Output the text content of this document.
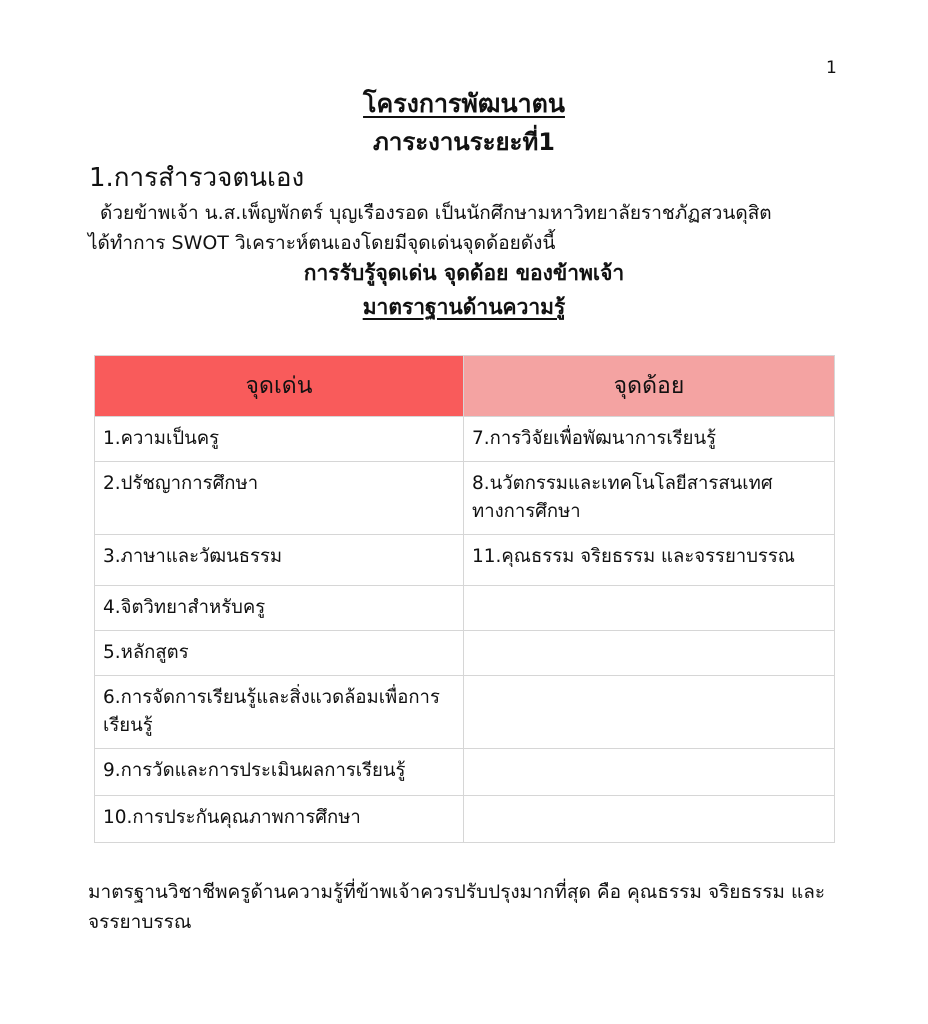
1
โครงการพัฒนาตน
ภาระงานระยะที่1
1.การสำรวจตนเอง

ด้วยข้าพเจ้า น.ส.เพ็ญพักตร์ บุญเรืองรอด เป็นนักศึกษามหาวิทยาลัยราชภัฏสวนดุสิต

ได้ทำการ SWOT วิเคราะห์ตนเองโดยมีจุดเด่นจุดด้อยดังนี้

การรับรู้จุดเด่น จุดด้อย ของข้าพเจ้า
มาตราฐานด้านความรู้
จุดเด่น	จุดด้อย
1.ความเป็นครู	7.การวิจัยเพื่อพัฒนาการเรียนรู้
2.ปรัชญาการศึกษา	8.นวัตกรรมและเทคโนโลยีสารสนเทศทางการศึกษา
3.ภาษาและวัฒนธรรม	11.คุณธรรม จริยธรรม และจรรยาบรรณ
4.จิตวิทยาสำหรับครู	
5.หลักสูตร	
6.การจัดการเรียนรู้และสิ่งแวดล้อมเพื่อการเรียนรู้	
9.การวัดและการประเมินผลการเรียนรู้	
10.การประกันคุณภาพการศึกษา	
มาตรฐานวิชาชีพครูด้านความรู้ที่ข้าพเจ้าควรปรับปรุงมากที่สุด คือ คุณธรรม จริยธรรม และจรรยาบรรณ
